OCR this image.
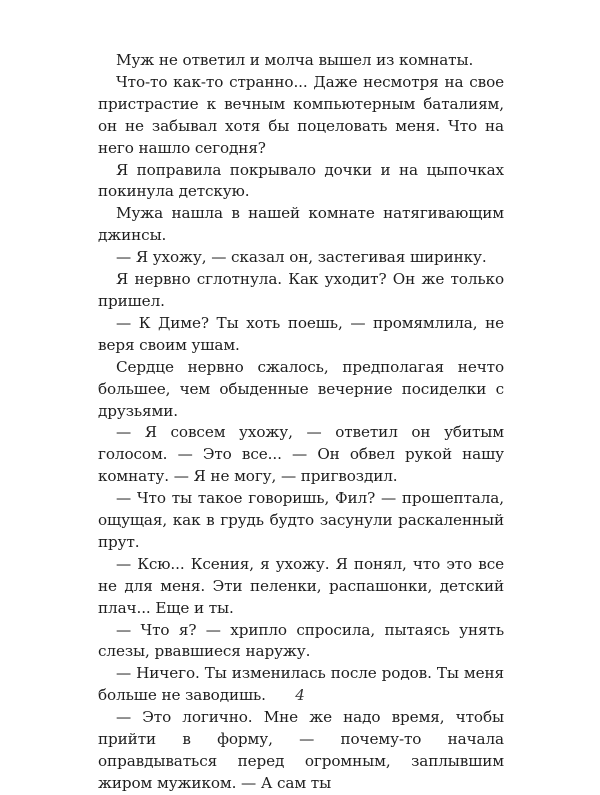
Муж не ответил и молча вышел из комнаты.

Что-то как-то странно... Даже несмотря на свое пристрастие к вечным компьютерным баталиям, он не забывал хотя бы поцеловать меня. Что на него нашло сегодня?

Я поправила покрывало дочки и на цыпочках покинула детскую.

Мужа нашла в нашей комнате натягивающим джинсы.

— Я ухожу, — сказал он, застегивая ширинку.

Я нервно сглотнула. Как уходит? Он же только пришел.

— К Диме? Ты хоть поешь, — промямлила, не веря своим ушам.

Сердце нервно сжалось, предполагая нечто большее, чем обыденные вечерние посиделки с друзьями.

— Я совсем ухожу, — ответил он убитым голосом. — Это все... — Он обвел рукой нашу комнату. — Я не могу, — пригвоздил.

— Что ты такое говоришь, Фил? — прошептала, ощущая, как в грудь будто засунули раскаленный прут.

— Ксю... Ксения, я ухожу. Я понял, что это все не для меня. Эти пеленки, распашонки, детский плач... Еще и ты.

— Что я? — хрипло спросила, пытаясь унять слезы, рвавшиеся наружу.

— Ничего. Ты изменилась после родов. Ты меня больше не заводишь.

— Это логично. Мне же надо время, чтобы прийти в форму, — почему-то начала оправдываться перед огромным, заплывшим жиром мужиком. — А сам ты

4
